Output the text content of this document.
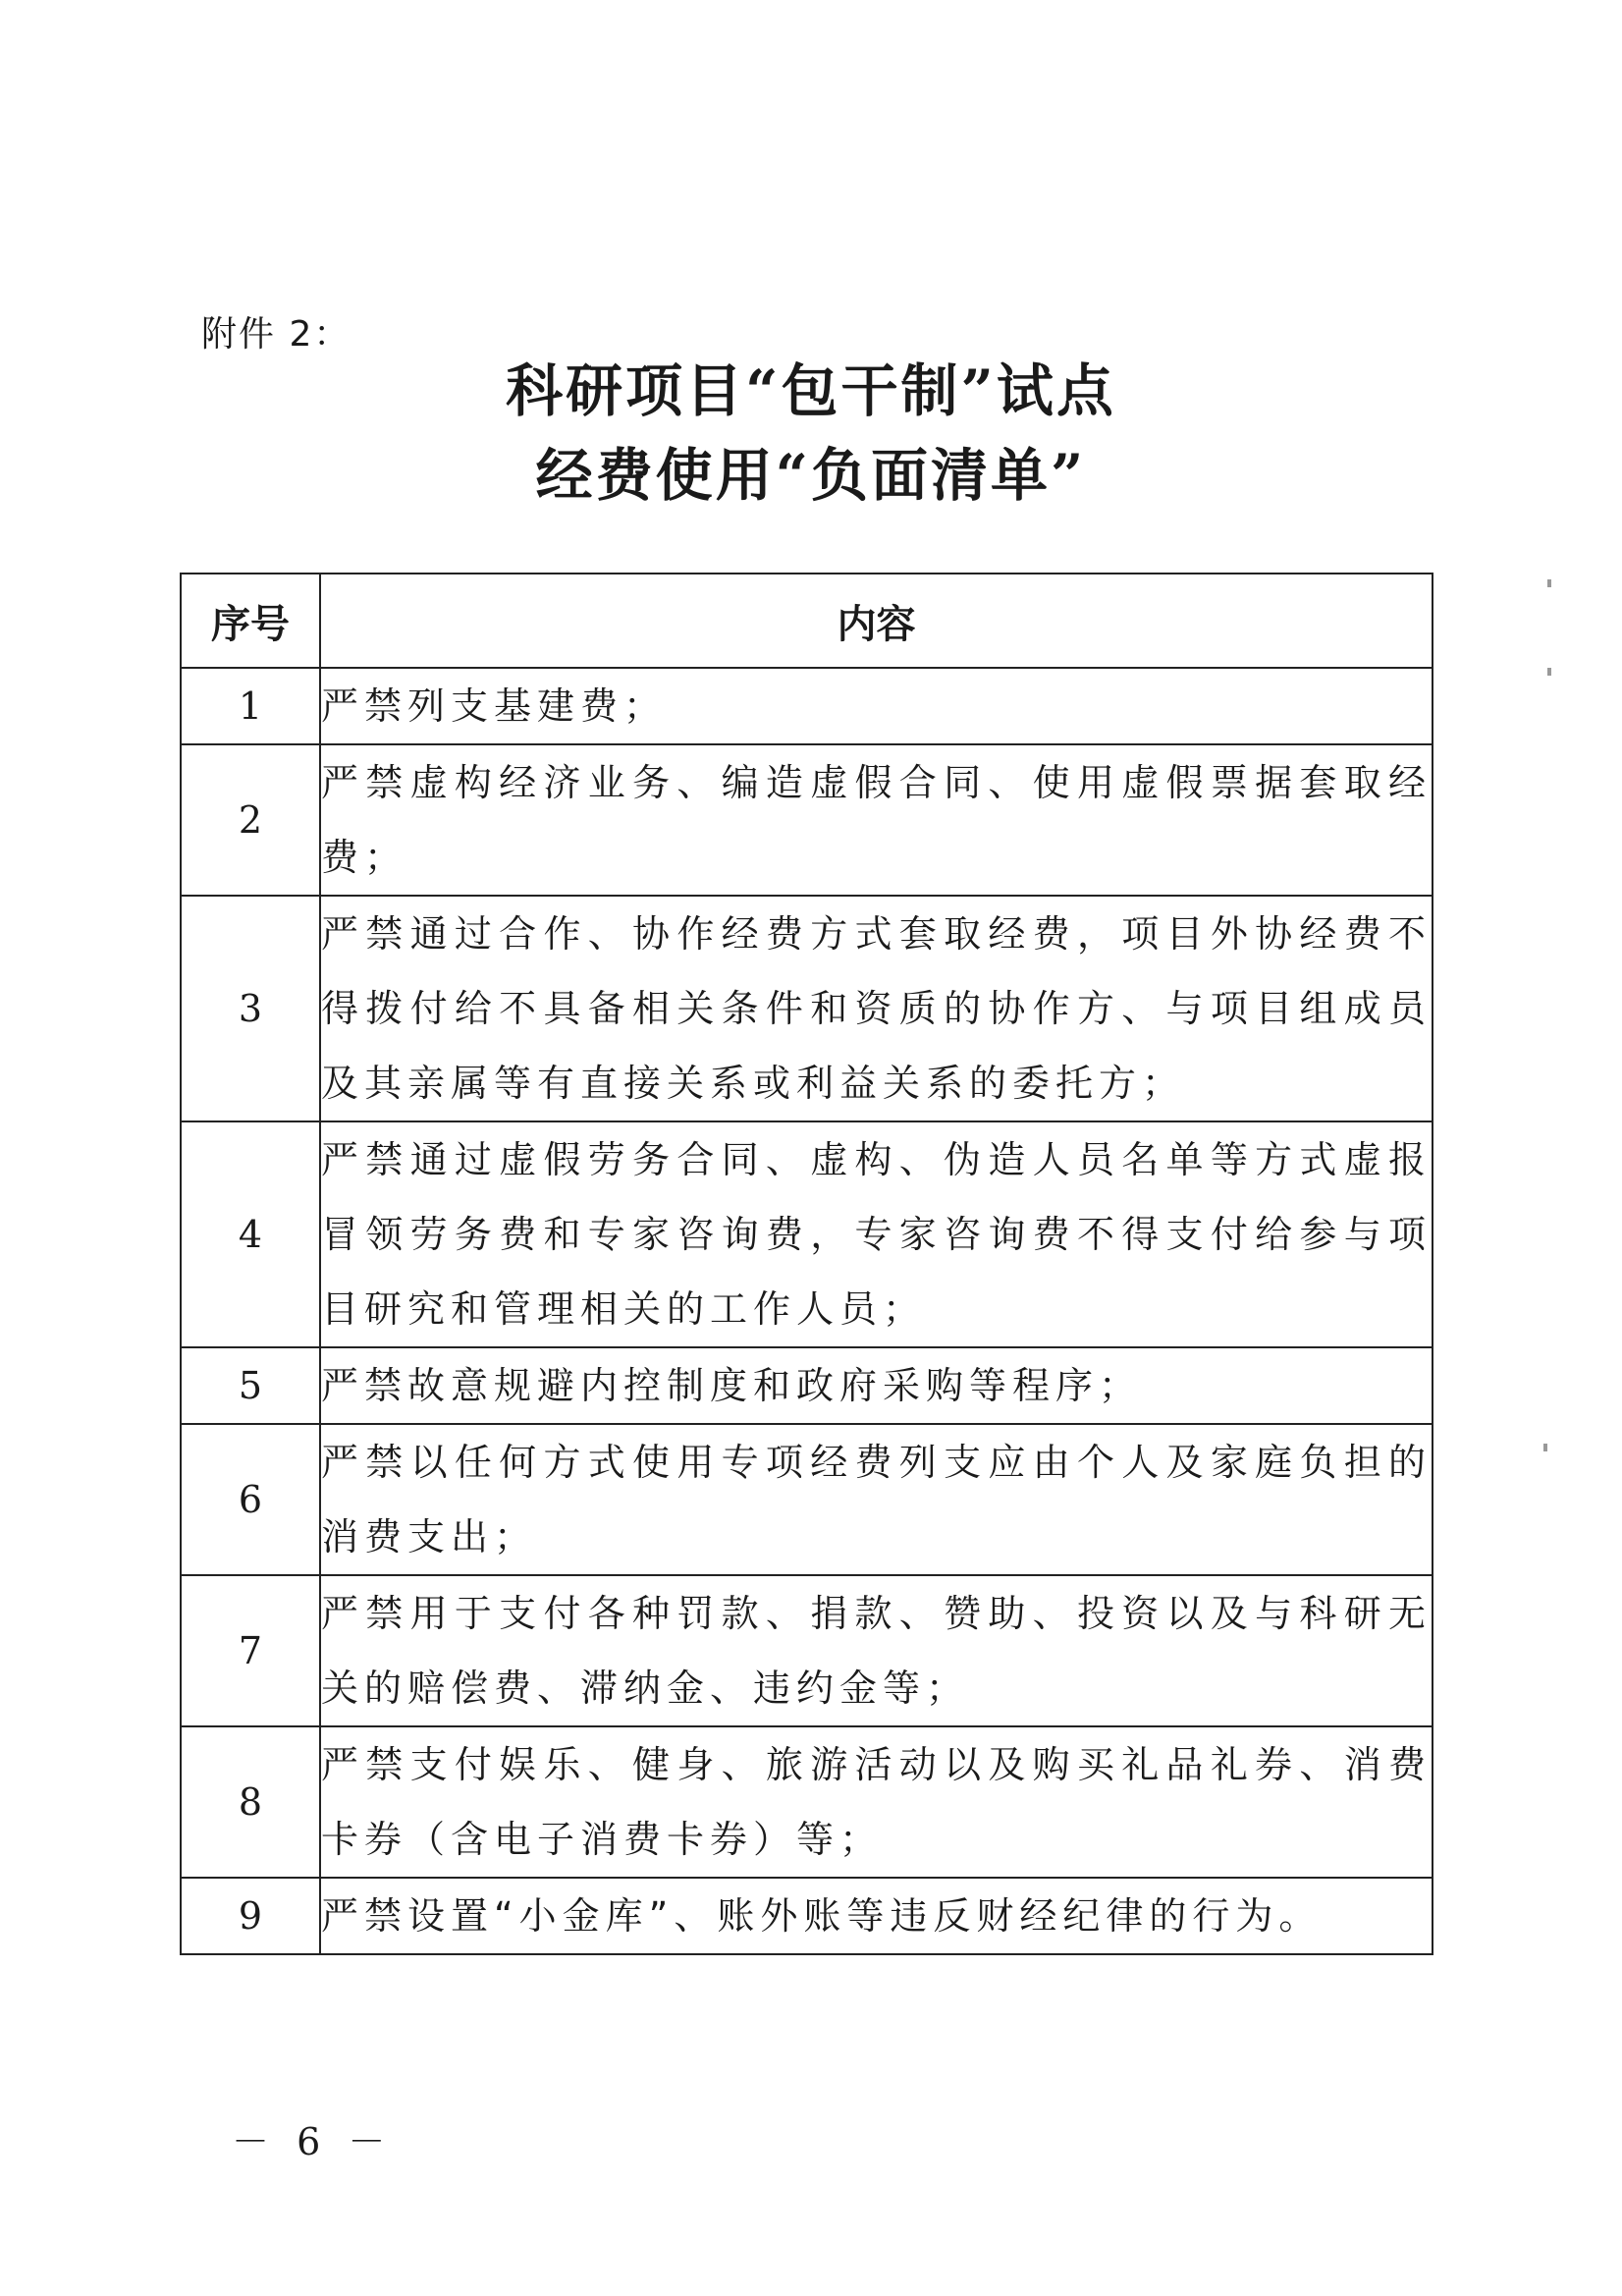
附件 2：
科研项目“包干制”试点
经费使用“负面清单”
序号	内容
1	严禁列支基建费；
2	严禁虚构经济业务、编造虚假合同、使用虚假票据套取经费；
3	严禁通过合作、协作经费方式套取经费，项目外协经费不得拨付给不具备相关条件和资质的协作方、与项目组成员及其亲属等有直接关系或利益关系的委托方；
4	严禁通过虚假劳务合同、虚构、伪造人员名单等方式虚报冒领劳务费和专家咨询费，专家咨询费不得支付给参与项目研究和管理相关的工作人员；
5	严禁故意规避内控制度和政府采购等程序；
6	严禁以任何方式使用专项经费列支应由个人及家庭负担的消费支出；
7	严禁用于支付各种罚款、捐款、赞助、投资以及与科研无关的赔偿费、滞纳金、违约金等；
8	严禁支付娱乐、健身、旅游活动以及购买礼品礼券、消费卡券（含电子消费卡券）等；
9	严禁设置“小金库”、账外账等违反财经纪律的行为。
－ 6 －
